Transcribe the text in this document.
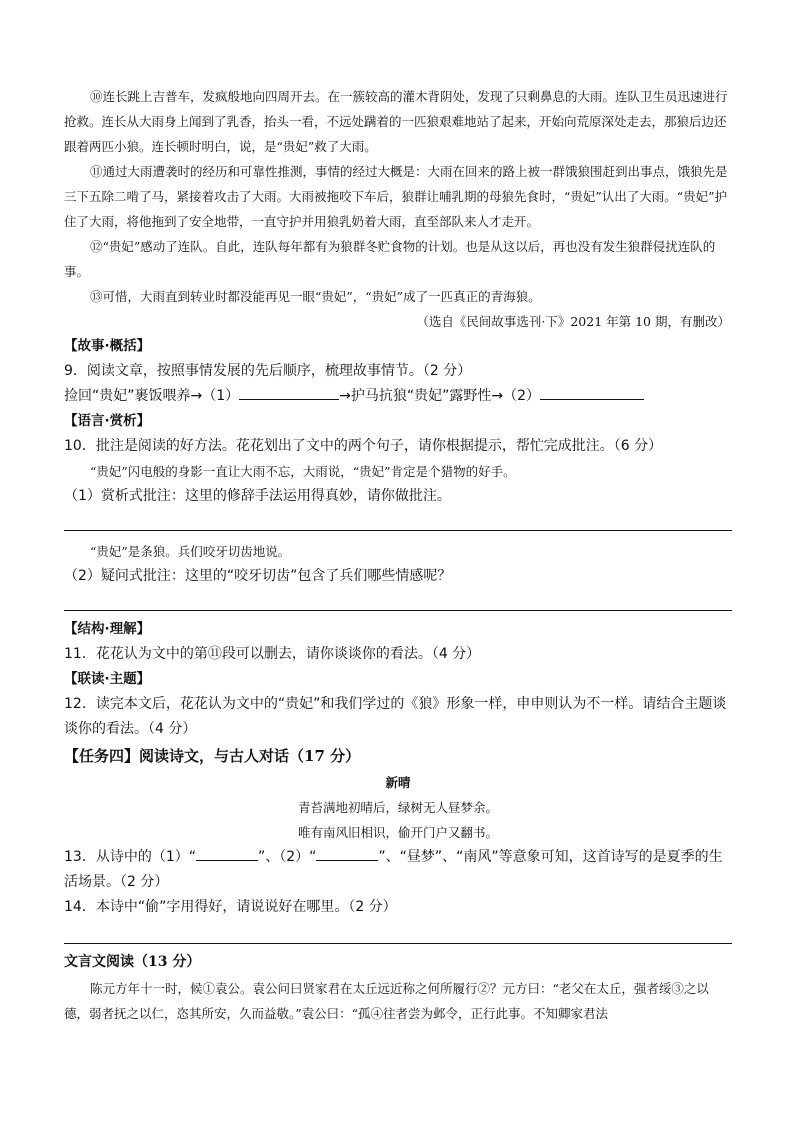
⑩连长跳上吉普车，发疯般地向四周开去。在一簇较高的灌木背阴处，发现了只剩鼻息的大雨。连队卫生员迅速进行抢救。连长从大雨身上闻到了乳香，抬头一看，不远处蹒着的一匹狼艰难地站了起来，开始向荒原深处走去，那狼后边还跟着两匹小狼。连长顿时明白，说，是“贵妃”救了大雨。

⑪通过大雨遭袭时的经历和可靠性推测，事情的经过大概是：大雨在回来的路上被一群饿狼围赶到出事点，饿狼先是三下五除二啃了马，紧接着攻击了大雨。大雨被拖咬下车后，狼群让哺乳期的母狼先食时，“贵妃”认出了大雨。“贵妃”护住了大雨，将他拖到了安全地带，一直守护并用狼乳奶着大雨，直至部队来人才走开。

⑫“贵妃”感动了连队。自此，连队每年都有为狼群冬贮食物的计划。也是从这以后，再也没有发生狼群侵扰连队的事。

⑬可惜，大雨直到转业时都没能再见一眼“贵妃”，“贵妃”成了一匹真正的青海狼。

（选自《民间故事选刊·下》2021 年第 10 期，有删改）

【故事·概括】

9．阅读文章，按照事情发展的先后顺序，梳理故事情节。（2 分）

捡回“贵妃”裹饭喂养→（1）	→护马抗狼“贵妃”露野性→（2）

【语言·赏析】

10．批注是阅读的好方法。花花划出了文中的两个句子，请你根据提示，帮忙完成批注。（6 分）

“贵妃”闪电般的身影一直让大雨不忘，大雨说，“贵妃”肯定是个猎物的好手。

（1）赏析式批注：这里的修辞手法运用得真妙，请你做批注。

“贵妃”是条狼。兵们咬牙切齿地说。

（2）疑问式批注：这里的“咬牙切齿”包含了兵们哪些情感呢？

【结构·理解】

11．花花认为文中的第⑪段可以删去，请你谈谈你的看法。（4 分）

【联读·主题】

12．读完本文后，花花认为文中的“贵妃”和我们学过的《狼》形象一样，申申则认为不一样。请结合主题谈谈你的看法。（4 分）

【任务四】阅读诗文，与古人对话（17 分）

新晴

青苔满地初晴后，绿树无人昼梦余。

唯有南风旧相识，偷开门户又翻书。

13．从诗中的（1）“	”、（2）“	”、“昼梦”、“南风”等意象可知，这首诗写的是夏季的生活场景。（2 分）

14．本诗中“偷”字用得好，请说说好在哪里。（2 分）

文言文阅读（13 分）

陈元方年十一时，候①袁公。袁公问曰贤家君在太丘远近称之何所履行②？元方曰：“老父在太丘，强者绥③之以德，弱者抚之以仁，恣其所安，久而益敬。”袁公曰：“孤④往者尝为邺令，正行此事。不知卿家君法
